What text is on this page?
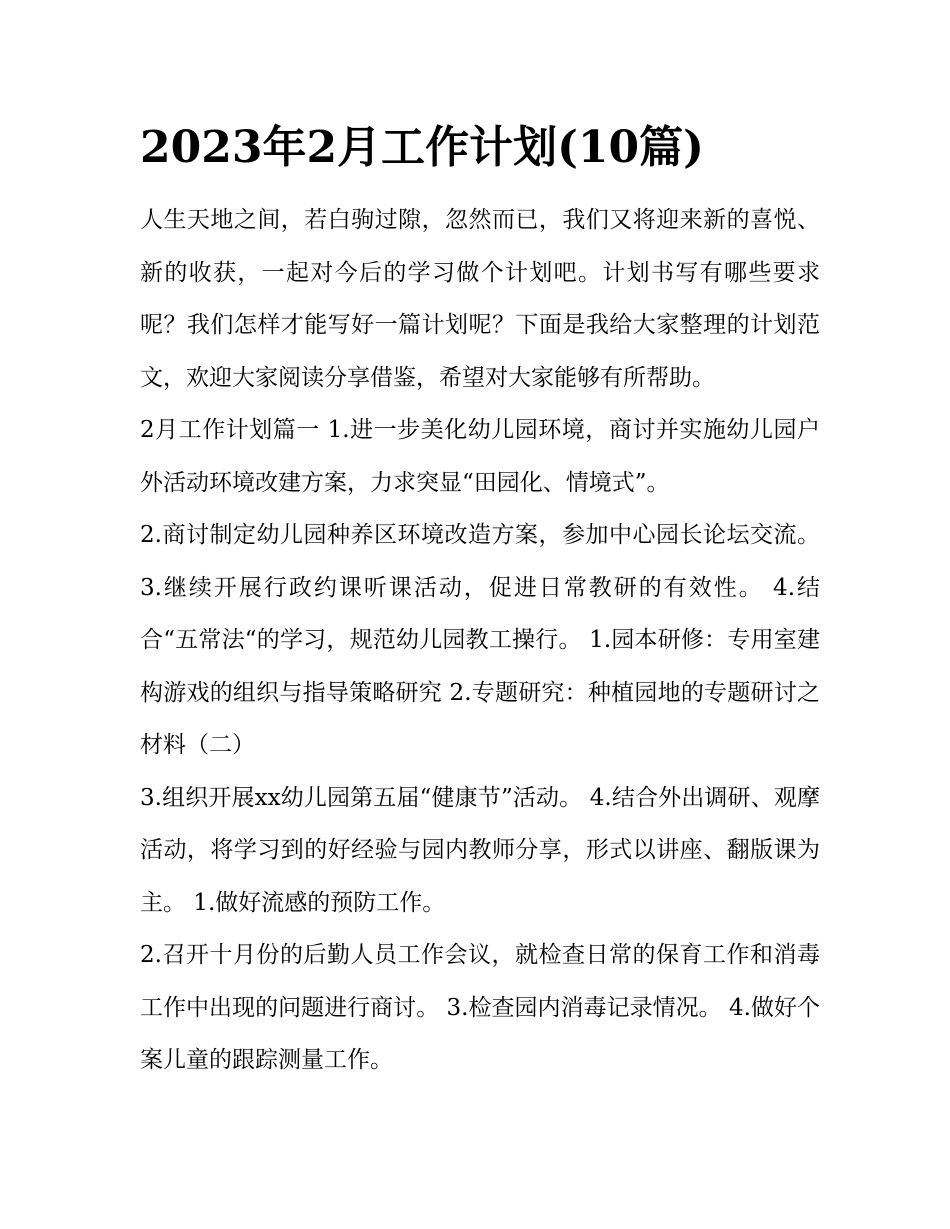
2023年2月工作计划(10篇)

人生天地之间，若白驹过隙，忽然而已，我们又将迎来新的喜悦、新的收获，一起对今后的学习做个计划吧。计划书写有哪些要求呢？我们怎样才能写好一篇计划呢？下面是我给大家整理的计划范文，欢迎大家阅读分享借鉴，希望对大家能够有所帮助。

2月工作计划篇一 1.进一步美化幼儿园环境，商讨并实施幼儿园户外活动环境改建方案，力求突显“田园化、情境式”。

2.商讨制定幼儿园种养区环境改造方案，参加中心园长论坛交流。 3.继续开展行政约课听课活动，促进日常教研的有效性。 4.结合“五常法“的学习，规范幼儿园教工操行。 1.园本研修：专用室建构游戏的组织与指导策略研究 2.专题研究：种植园地的专题研讨之材料（二）

3.组织开展xx幼儿园第五届“健康节”活动。 4.结合外出调研、观摩活动，将学习到的好经验与园内教师分享，形式以讲座、翻版课为主。 1.做好流感的预防工作。

2.召开十月份的后勤人员工作会议，就检查日常的保育工作和消毒工作中出现的问题进行商讨。 3.检查园内消毒记录情况。 4.做好个案儿童的跟踪测量工作。
